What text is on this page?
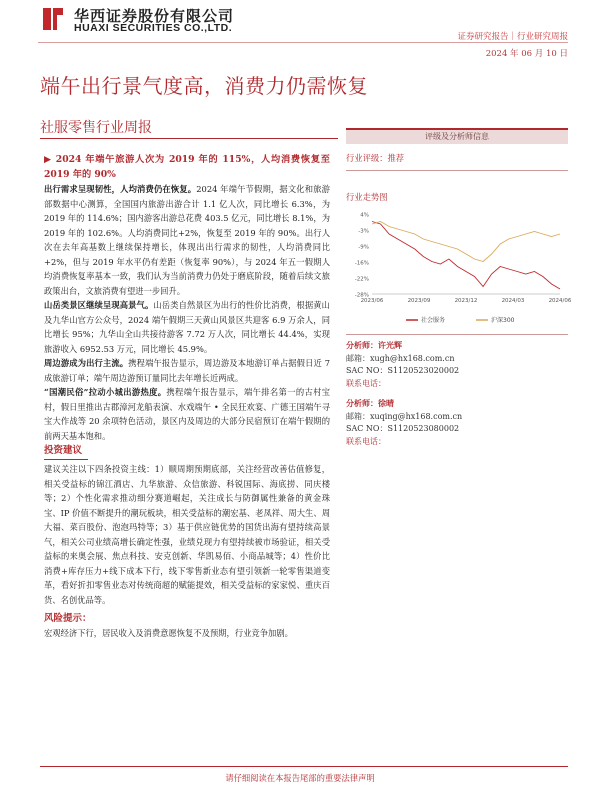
华西证券股份有限公司
HUAXI SECURITIES CO.,LTD.
证券研究报告｜行业研究周报
2024 年 06 月 10 日
端午出行景气度高，消费力仍需恢复
社服零售行业周报

▶ 2024 年端午旅游人次为 2019 年的 115%，人均消费恢复至 2019 年的 90%

出行需求呈现韧性，人均消费仍在恢复。2024 年端午节假期，据文化和旅游部数据中心测算，全国国内旅游出游合计 1.1 亿人次，同比增长 6.3%，为 2019 年的 114.6%；国内游客出游总花费 403.5 亿元，同比增长 8.1%，为 2019 年的 102.6%。人均消费同比+2%，恢复至 2019 年的 90%。出行人次在去年高基数上继续保持增长，体现出出行需求的韧性，人均消费同比+2%，但与 2019 年水平仍有差距（恢复率 90%），与 2024 年五一假期人均消费恢复率基本一致，我们认为当前消费力仍处于磨底阶段，随着后续文旅政策出台，文旅消费有望进一步回升。

山岳类景区继续呈现高景气。山岳类自然景区为出行的性价比消费，根据黄山及九华山官方公众号，2024 端午假期三天黄山风景区共迎客 6.9 万余人，同比增长 95%；九华山全山共接待游客 7.72 万人次，同比增长 44.4%，实现旅游收入 6952.53 万元，同比增长 45.9%。

周边游成为出行主流。携程端午报告显示，周边游及本地游订单占据假日近 7 成旅游订单；端午周边游预订量同比去年增长近两成。

“国潮民俗”拉动小城出游热度。携程端午报告显示，端午排名第一的古村宝村，假日里推出古郡漳河龙船表演、水戏端午 • 全民狂欢宴、广德王国端午寻宝大作战等 20 余项特色活动，景区内及周边的大部分民宿预订在端午假期的前两天基本饱和。

投资建议

建议关注以下四条投资主线：1）顺周期预期底部，关注经营改善估值修复，相关受益标的锦江酒店、九华旅游、众信旅游、科锐国际、海底捞、同庆楼等；2）个性化需求推动细分赛道崛起，关注成长与防御属性兼备的黄金珠宝、IP 价值不断提升的潮玩板块，相关受益标的潮宏基、老凤祥、周大生、周大福、菜百股份、泡泡玛特等；3）基于供应链优势的国货出海有望持续高景气，相关公司业绩高增长确定性强，业绩兑现力有望持续被市场验证，相关受益标的来奥会展、焦点科技、安克创新、华凯易佰、小商品城等；4）性价比消费+库存压力+线下成本下行，线下零售新业态有望引领新一轮零售渠道变革，看好折扣零售业态对传统商超的赋能提效，相关受益标的家家悦、重庆百货、名创优品等。

风险提示：

宏观经济下行，居民收入及消费意愿恢复不及预期，行业竞争加剧。

评级及分析师信息
行业评级：推荐
行业走势图
4%
-3%
-9%
-16%
-22%
-28%
2023/06	2023/09	2023/12	2024/03	2024/06
社会服务	沪深300
分析师：许光辉
邮箱：xugh@hx168.com.cn
SAC NO：S1120523020002
联系电话：
分析师：徐晴
邮箱：xuqing@hx168.com.cn
SAC NO：S1120523080002
联系电话：
请仔细阅读在本报告尾部的重要法律声明
